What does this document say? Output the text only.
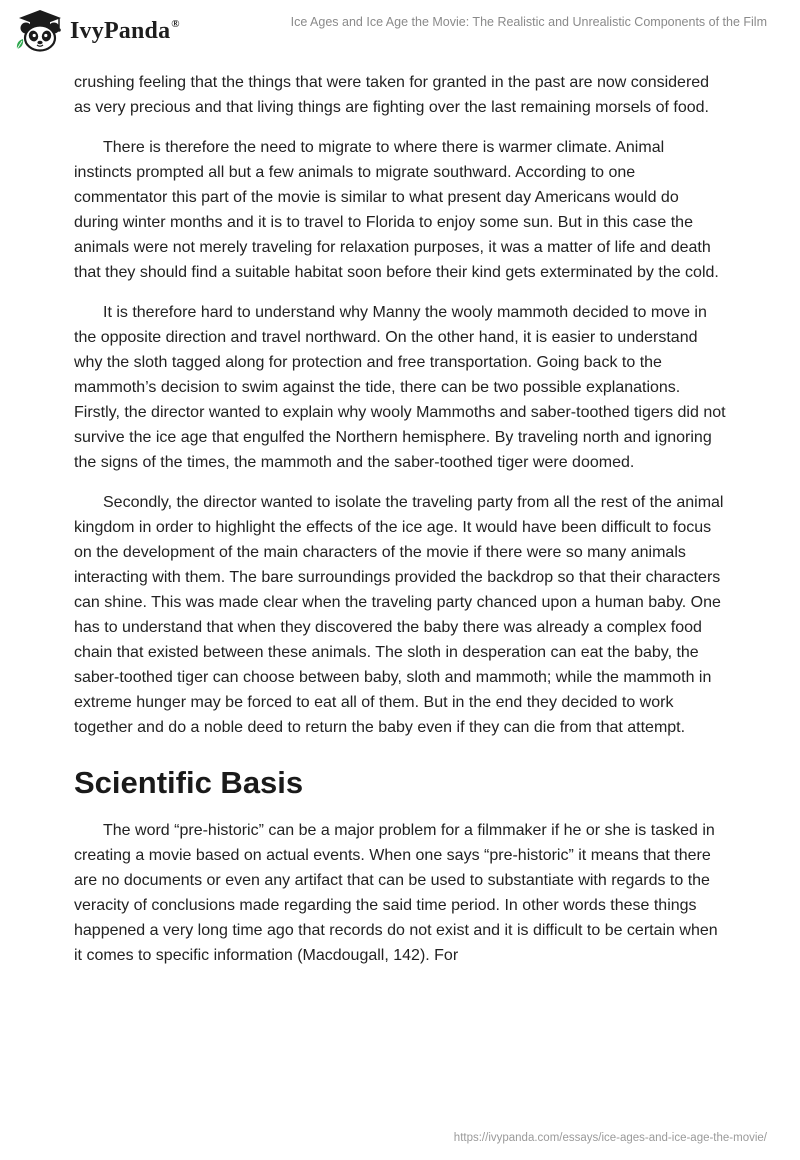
IvyPanda®	Ice Ages and Ice Age the Movie: The Realistic and Unrealistic Components of the Film

crushing feeling that the things that were taken for granted in the past are now considered as very precious and that living things are fighting over the last remaining morsels of food.

There is therefore the need to migrate to where there is warmer climate. Animal instincts prompted all but a few animals to migrate southward. According to one commentator this part of the movie is similar to what present day Americans would do during winter months and it is to travel to Florida to enjoy some sun. But in this case the animals were not merely traveling for relaxation purposes, it was a matter of life and death that they should find a suitable habitat soon before their kind gets exterminated by the cold.

It is therefore hard to understand why Manny the wooly mammoth decided to move in the opposite direction and travel northward. On the other hand, it is easier to understand why the sloth tagged along for protection and free transportation. Going back to the mammoth’s decision to swim against the tide, there can be two possible explanations. Firstly, the director wanted to explain why wooly Mammoths and saber-toothed tigers did not survive the ice age that engulfed the Northern hemisphere. By traveling north and ignoring the signs of the times, the mammoth and the saber-toothed tiger were doomed.

Secondly, the director wanted to isolate the traveling party from all the rest of the animal kingdom in order to highlight the effects of the ice age. It would have been difficult to focus on the development of the main characters of the movie if there were so many animals interacting with them. The bare surroundings provided the backdrop so that their characters can shine. This was made clear when the traveling party chanced upon a human baby. One has to understand that when they discovered the baby there was already a complex food chain that existed between these animals. The sloth in desperation can eat the baby, the saber-toothed tiger can choose between baby, sloth and mammoth; while the mammoth in extreme hunger may be forced to eat all of them. But in the end they decided to work together and do a noble deed to return the baby even if they can die from that attempt.

Scientific Basis

The word “pre-historic” can be a major problem for a filmmaker if he or she is tasked in creating a movie based on actual events. When one says “pre-historic” it means that there are no documents or even any artifact that can be used to substantiate with regards to the veracity of conclusions made regarding the said time period. In other words these things happened a very long time ago that records do not exist and it is difficult to be certain when it comes to specific information (Macdougall, 142). For

https://ivypanda.com/essays/ice-ages-and-ice-age-the-movie/
